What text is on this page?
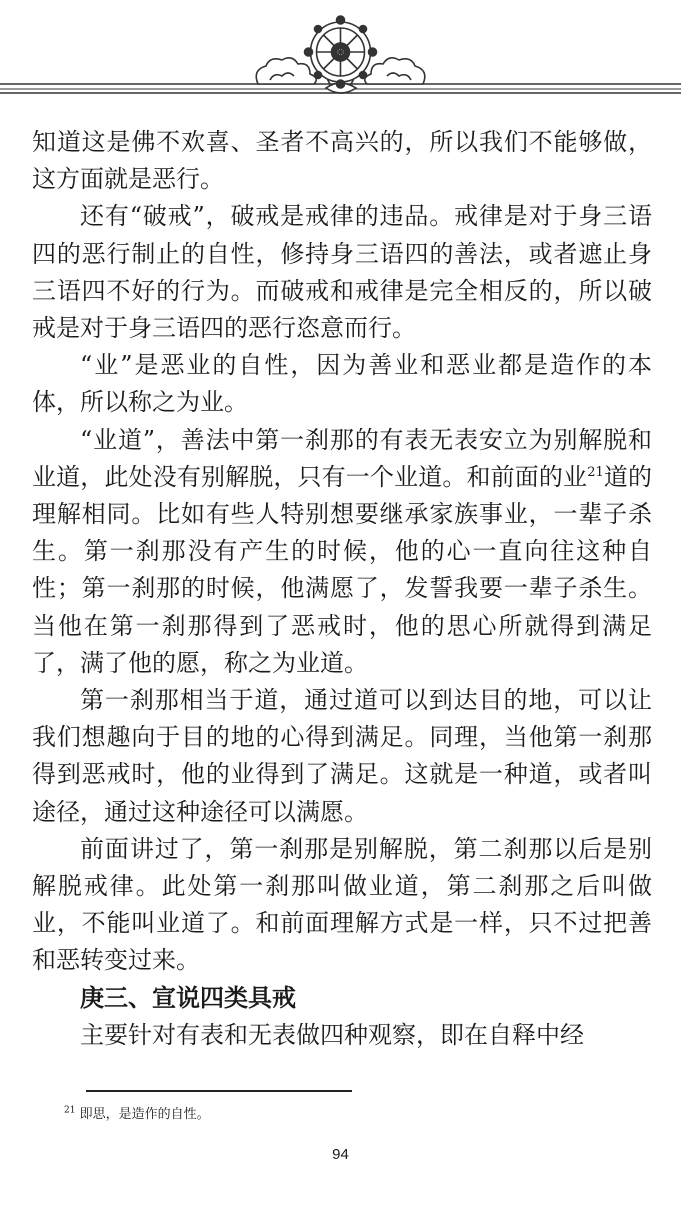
知道这是佛不欢喜、圣者不高兴的，所以我们不能够做，这方面就是恶行。

还有“破戒”，破戒是戒律的违品。戒律是对于身三语四的恶行制止的自性，修持身三语四的善法，或者遮止身三语四不好的行为。而破戒和戒律是完全相反的，所以破戒是对于身三语四的恶行恣意而行。

“业”是恶业的自性，因为善业和恶业都是造作的本体，所以称之为业。

“业道”，善法中第一刹那的有表无表安立为别解脱和业道，此处没有别解脱，只有一个业道。和前面的业$^{21}$道的理解相同。比如有些人特别想要继承家族事业，一辈子杀生。第一刹那没有产生的时候，他的心一直向往这种自性；第一刹那的时候，他满愿了，发誓我要一辈子杀生。当他在第一刹那得到了恶戒时，他的思心所就得到满足了，满了他的愿，称之为业道。

第一刹那相当于道，通过道可以到达目的地，可以让我们想趣向于目的地的心得到满足。同理，当他第一刹那得到恶戒时，他的业得到了满足。这就是一种道，或者叫途径，通过这种途径可以满愿。

前面讲过了，第一刹那是别解脱，第二刹那以后是别解脱戒律。此处第一刹那叫做业道，第二刹那之后叫做业，不能叫业道了。和前面理解方式是一样，只不过把善和恶转变过来。

庚三、宣说四类具戒

主要针对有表和无表做四种观察，即在自释中经

$^{21}$ 即思，是造作的自性。
94
